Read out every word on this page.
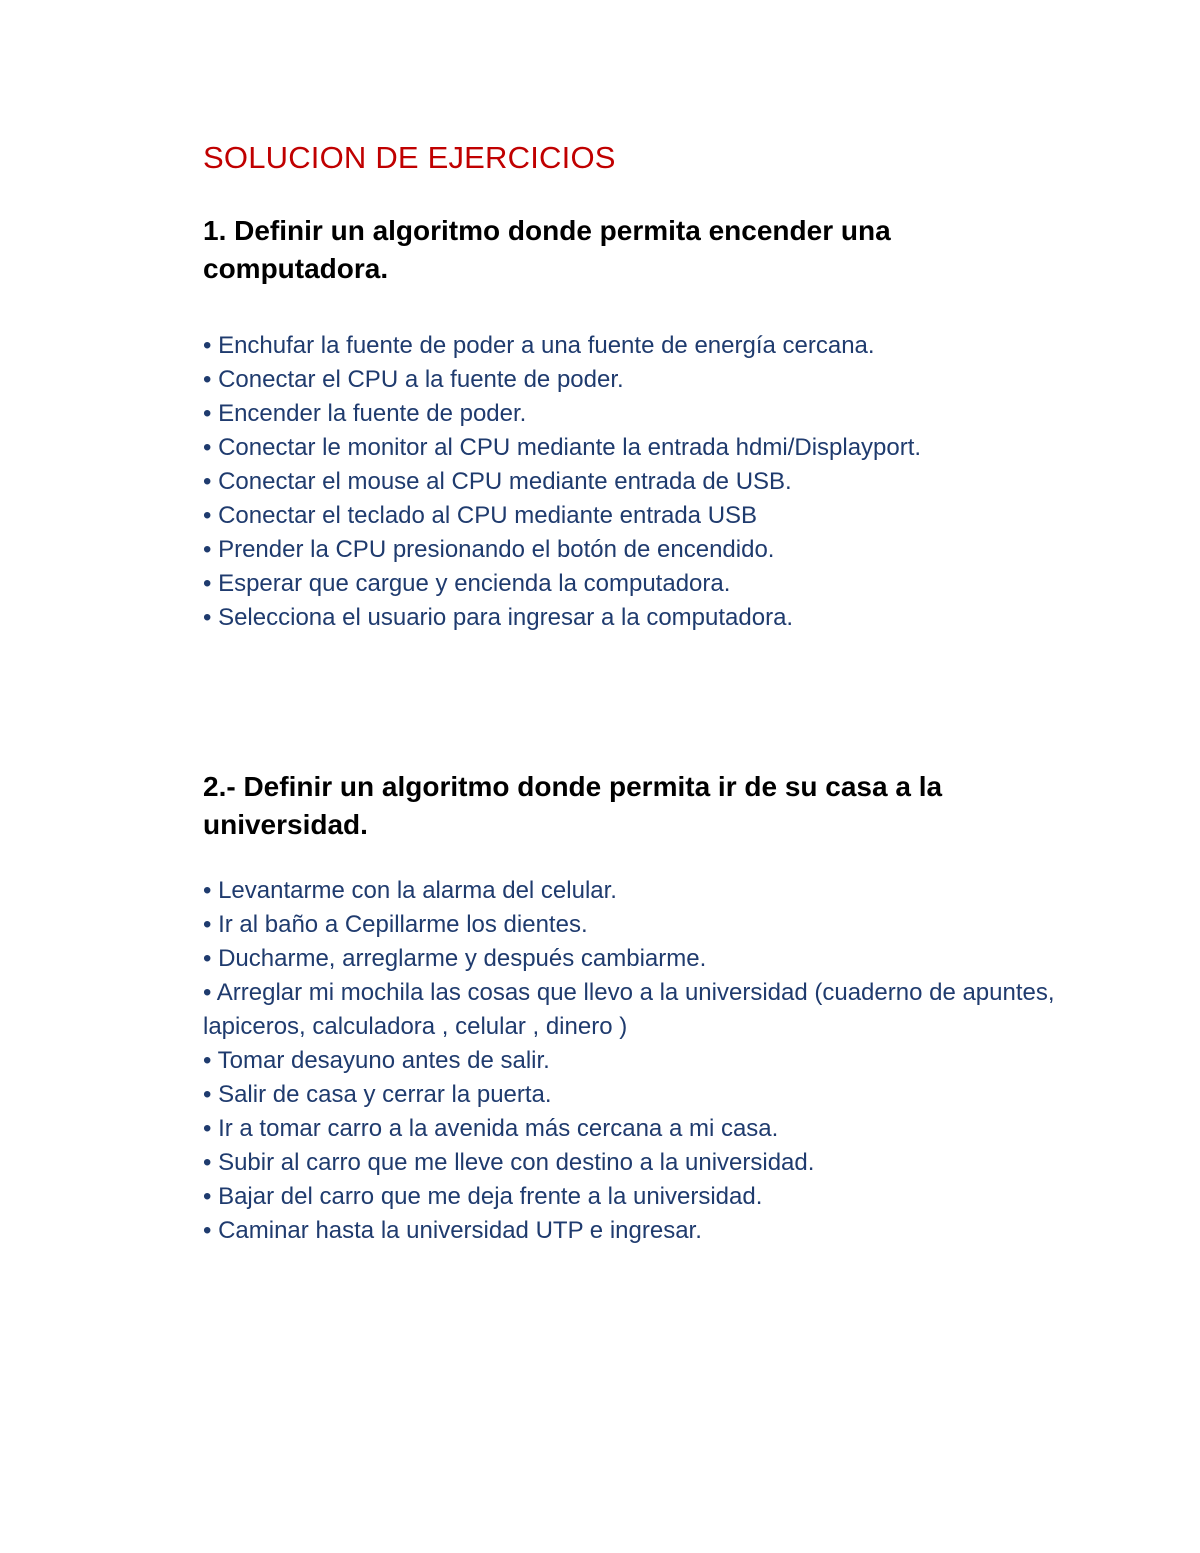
SOLUCION DE EJERCICIOS
1. Definir un algoritmo donde permita encender una computadora.
• Enchufar la fuente de poder a una fuente de energía cercana.
• Conectar el CPU a la fuente de poder.
• Encender la fuente de poder.
• Conectar le monitor al CPU mediante la entrada hdmi/Displayport.
• Conectar el mouse al CPU mediante entrada de USB.
• Conectar el teclado al CPU mediante entrada USB
• Prender la CPU presionando el botón de encendido.
• Esperar que cargue y encienda la computadora.
• Selecciona el usuario para ingresar a la computadora.
2.- Definir un algoritmo donde permita ir de su casa a la universidad.
• Levantarme con la alarma del celular.
• Ir al baño a Cepillarme los dientes.
• Ducharme, arreglarme y después cambiarme.
• Arreglar mi mochila las cosas que llevo a la universidad (cuaderno de apuntes, lapiceros, calculadora , celular , dinero )
• Tomar desayuno antes de salir.
• Salir de casa y cerrar la puerta.
• Ir a tomar carro a la avenida más cercana a mi casa.
• Subir al carro que me lleve con destino a la universidad.
• Bajar del carro que me deja frente a la universidad.
• Caminar hasta la universidad UTP e ingresar.
